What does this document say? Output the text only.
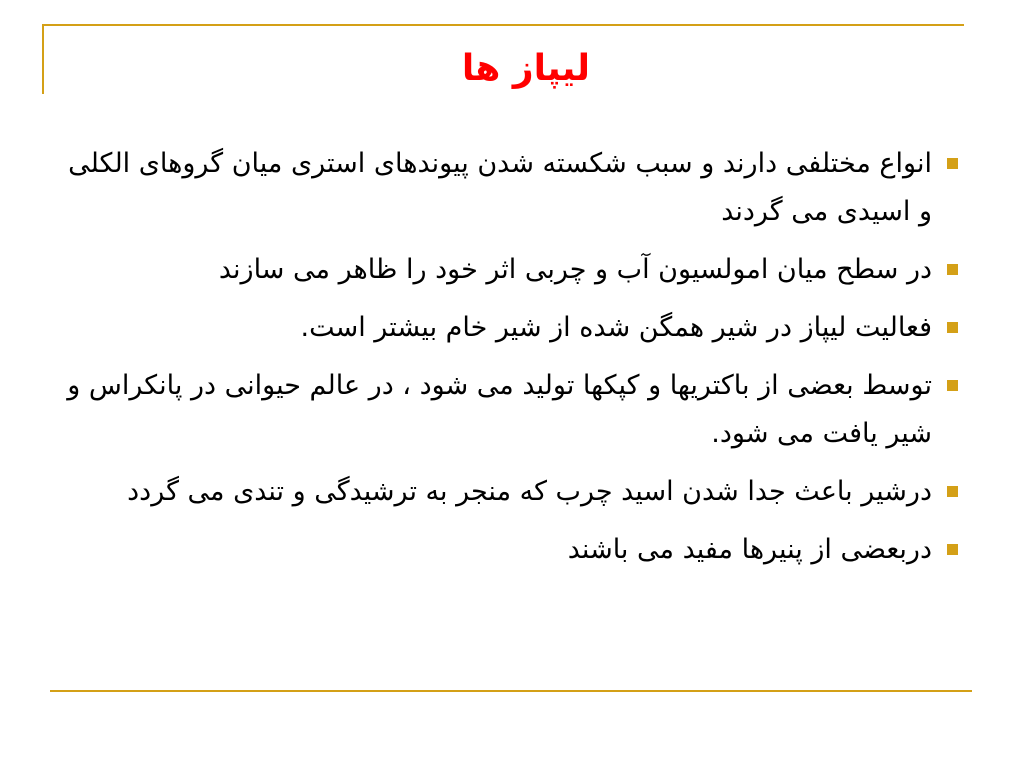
لیپاز ها
انواع مختلفی دارند و سبب شکسته شدن پیوندهای استری میان گروهای الکلی و اسیدی می گردند
در سطح میان امولسیون آب و چربی اثر خود را ظاهر می سازند
فعالیت لیپاز در شیر همگن شده از شیر خام بیشتر است.
توسط بعضی از باکتریها و کپکها تولید می شود ، در عالم حیوانی در پانکراس و شیر یافت می شود.
درشیر باعث جدا شدن اسید چرب که منجر به ترشیدگی و تندی می گردد
دربعضی از پنیرها مفید می باشند
